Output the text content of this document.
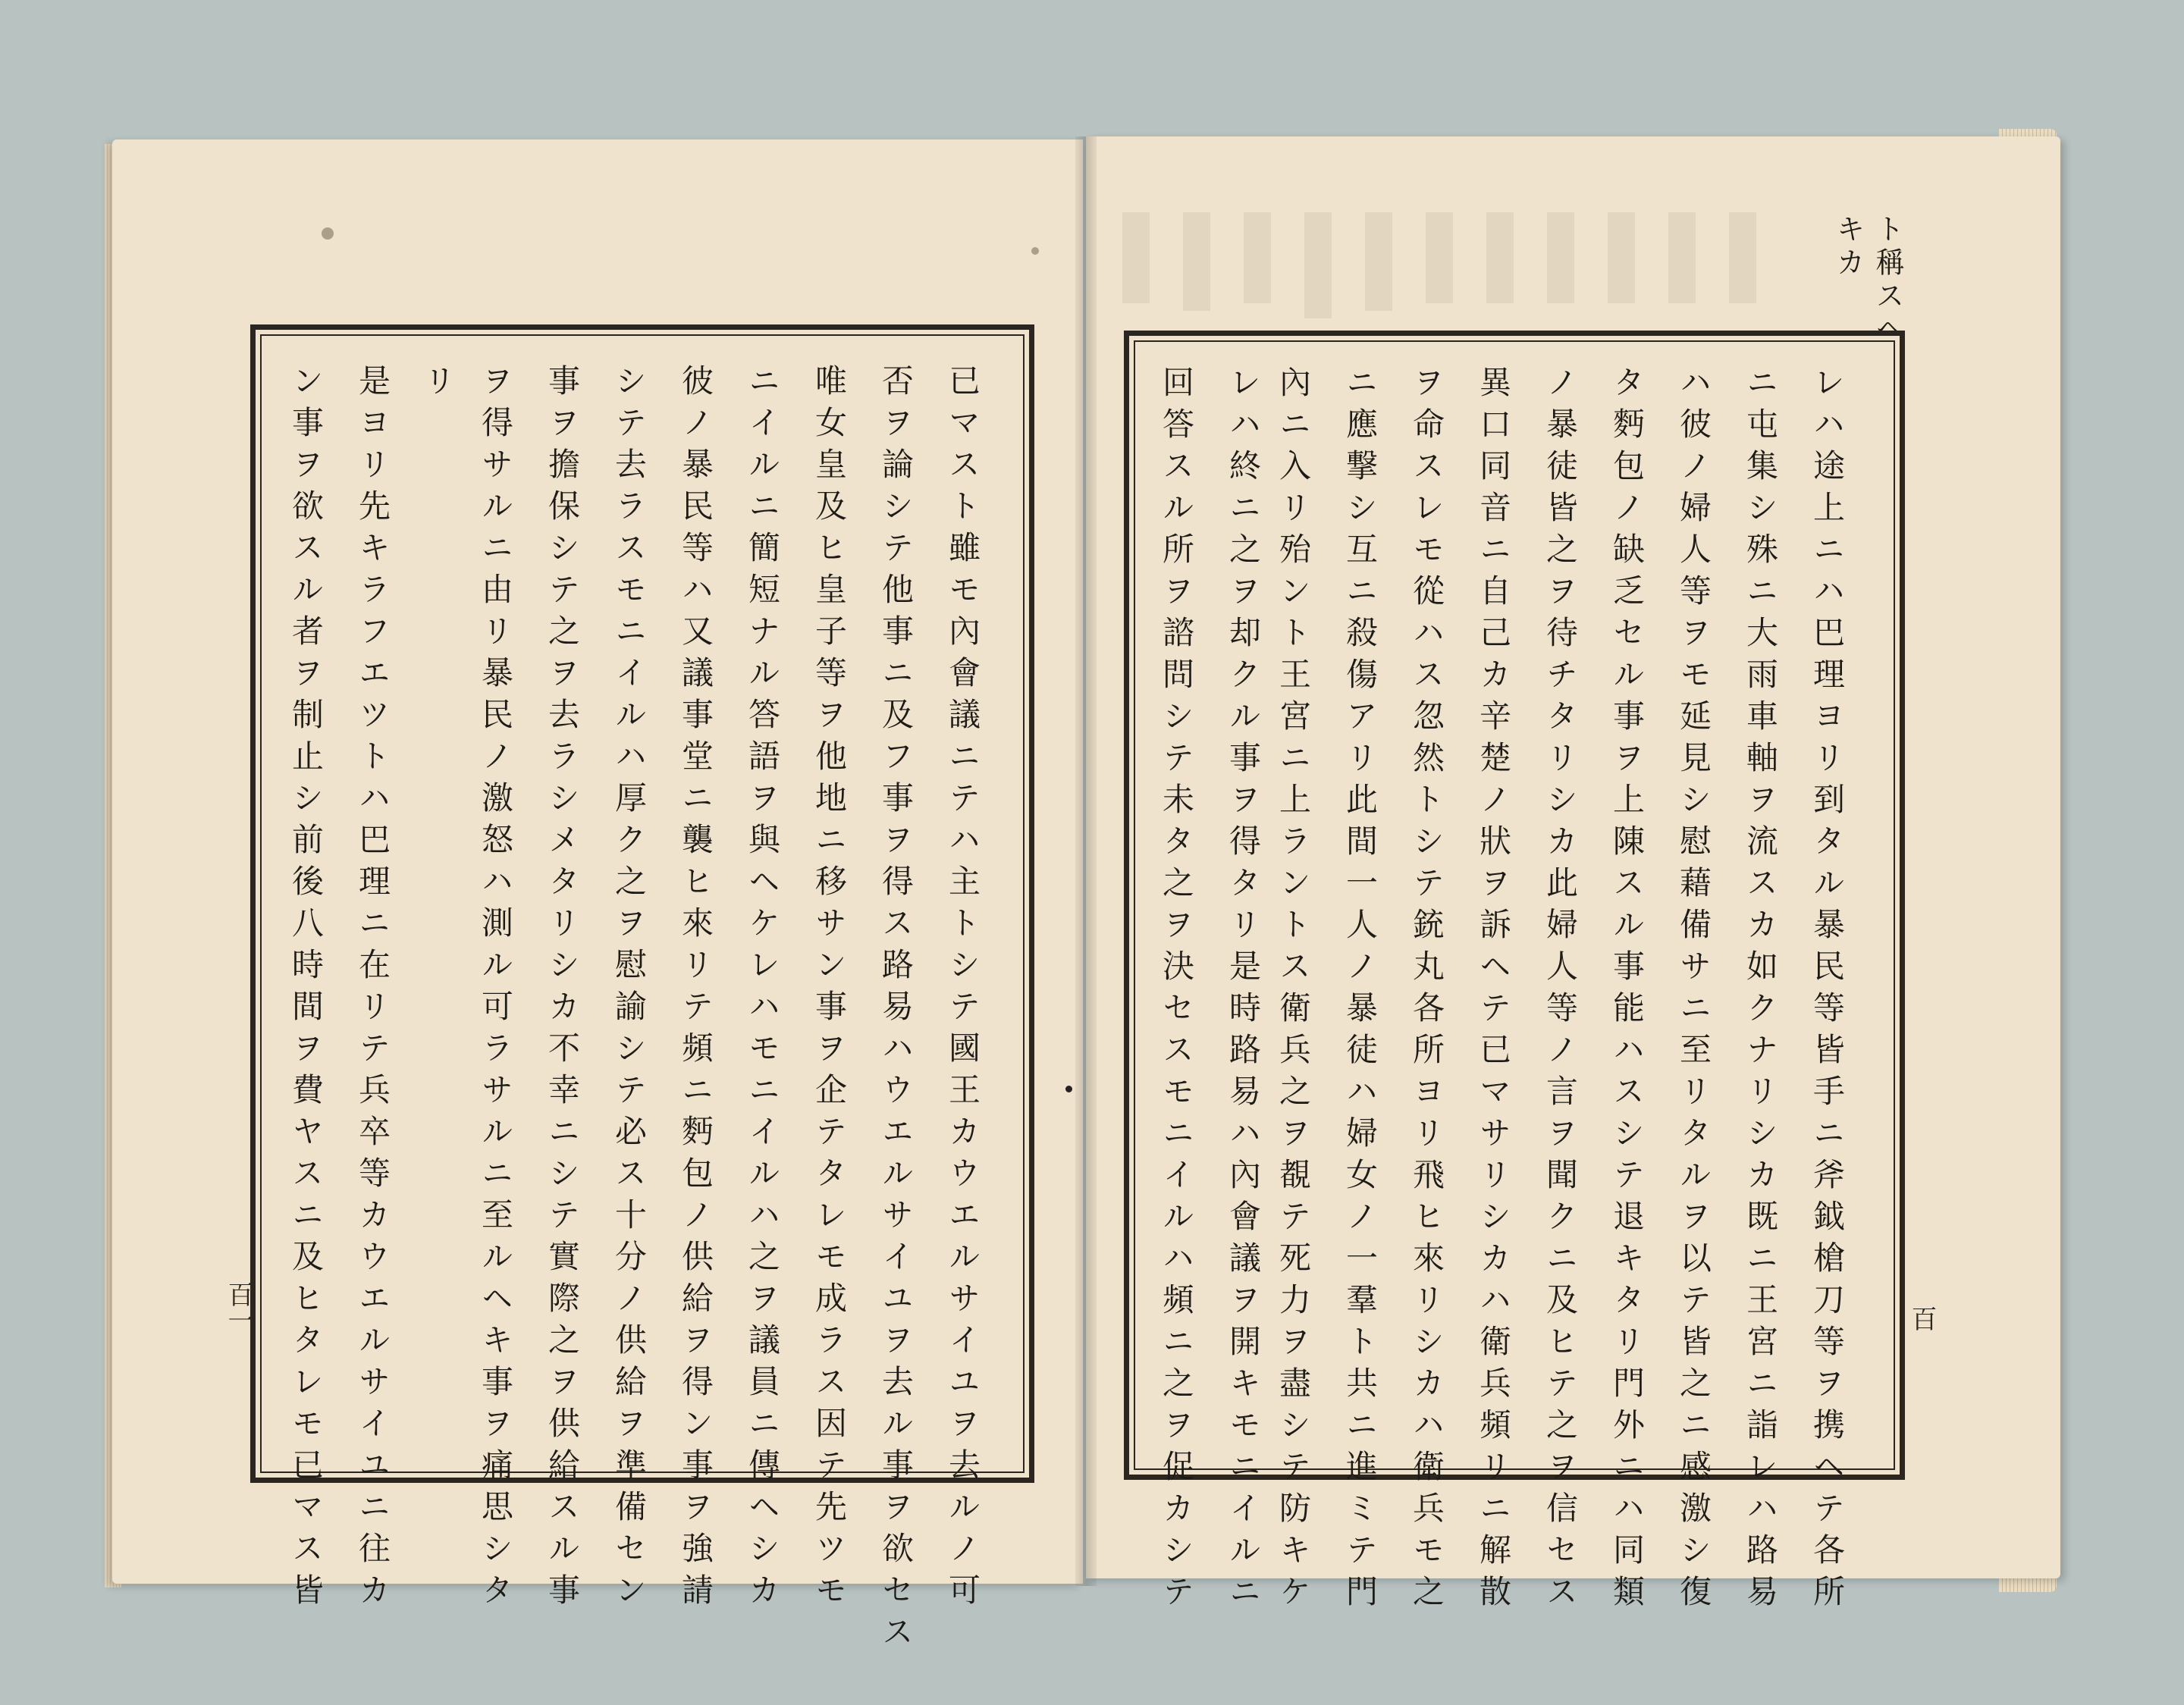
ト稱スヘ
キカ
レハ途上ニハ巴理ヨリ到タル暴民等皆手ニ斧鉞槍刀等ヲ携ヘテ各所
ニ屯集シ殊ニ大雨車軸ヲ流スカ如クナリシカ既ニ王宮ニ詣レハ路易
ハ彼ノ婦人等ヲモ延見シ慰藉備サニ至リタルヲ以テ皆之ニ感激シ復
タ麪包ノ缺乏セル事ヲ上陳スル事能ハスシテ退キタリ門外ニハ同類
ノ暴徒皆之ヲ待チタリシカ此婦人等ノ言ヲ聞クニ及ヒテ之ヲ信セス
異口同音ニ自己カ辛楚ノ狀ヲ訴ヘテ已マサリシカハ衛兵頻リニ解散
ヲ命スレモ從ハス忽然トシテ銃丸各所ヨリ飛ヒ來リシカハ衛兵モ之
ニ應撃シ互ニ殺傷アリ此間一人ノ暴徒ハ婦女ノ一羣ト共ニ進ミテ門
內ニ入リ殆ント王宮ニ上ラントス衛兵之ヲ覩テ死力ヲ盡シテ防キケ
レハ終ニ之ヲ却クル事ヲ得タリ是時路易ハ內會議ヲ開キモニイルニ
回答スル所ヲ諮問シテ未タ之ヲ決セスモニイルハ頻ニ之ヲ促カシテ	百
已マスト雖モ內會議ニテハ主トシテ國王カウエルサイユヲ去ルノ可
否ヲ論シテ他事ニ及フ事ヲ得ス路易ハウエルサイユヲ去ル事ヲ欲セス
唯女皇及ヒ皇子等ヲ他地ニ移サン事ヲ企テタレモ成ラス因テ先ツモ
ニイルニ簡短ナル答語ヲ與ヘケレハモニイルハ之ヲ議員ニ傳ヘシカ
彼ノ暴民等ハ又議事堂ニ襲ヒ來リテ頻ニ麪包ノ供給ヲ得ン事ヲ強請
シテ去ラスモニイルハ厚ク之ヲ慰諭シテ必ス十分ノ供給ヲ準備セン
事ヲ擔保シテ之ヲ去ラシメタリシカ不幸ニシテ實際之ヲ供給スル事
ヲ得サルニ由リ暴民ノ激怒ハ測ル可ラサルニ至ルヘキ事ヲ痛思シタ
リ
是ヨリ先キラフエツトハ巴理ニ在リテ兵卒等カウエルサイユニ往カ
ン事ヲ欲スル者ヲ制止シ前後八時間ヲ費ヤスニ及ヒタレモ已マス皆
百一
